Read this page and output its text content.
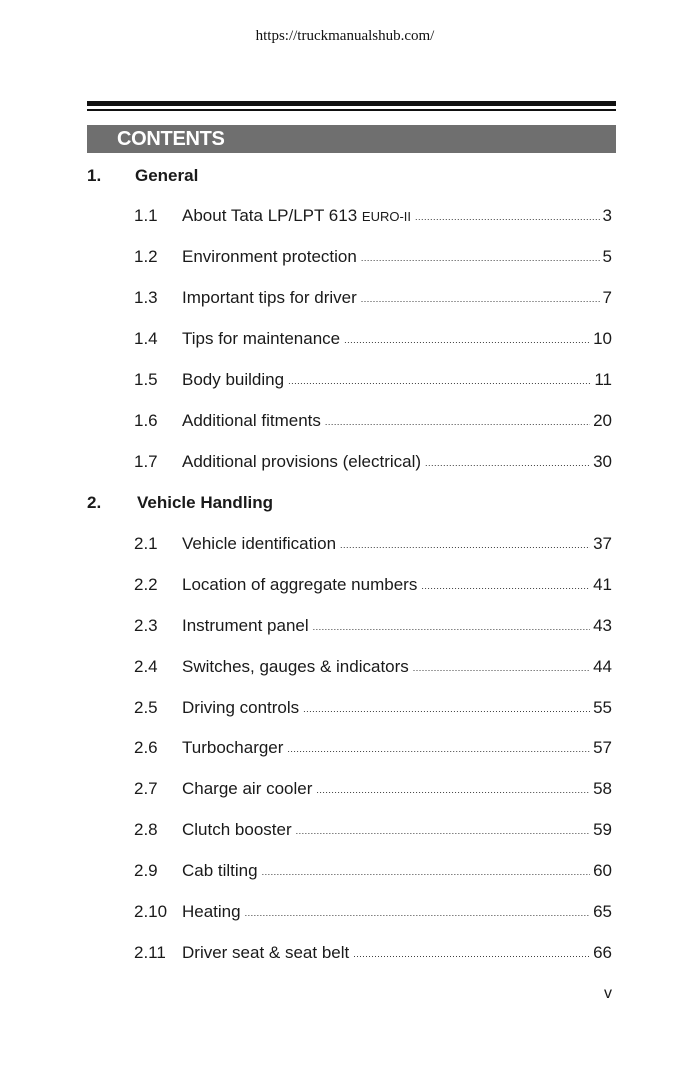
https://truckmanualshub.com/
CONTENTS
1. General
1.1	About Tata LP/LPT 613 EURO-II .....	3
1.2	Environment protection .....	5
1.3	Important tips for driver .....	7
1.4	Tips for maintenance .....	10
1.5	Body building .....	11
1.6	Additional fitments .....	20
1.7	Additional provisions (electrical) .....	30
2. Vehicle Handling
2.1	Vehicle identification .....	37
2.2	Location of aggregate numbers .....	41
2.3	Instrument panel .....	43
2.4	Switches, gauges & indicators .....	44
2.5	Driving controls .....	55
2.6	Turbocharger .....	57
2.7	Charge air cooler .....	58
2.8	Clutch booster .....	59
2.9	Cab tilting .....	60
2.10 Heating .....	65
2.11 Driver seat & seat belt .....	66
v
